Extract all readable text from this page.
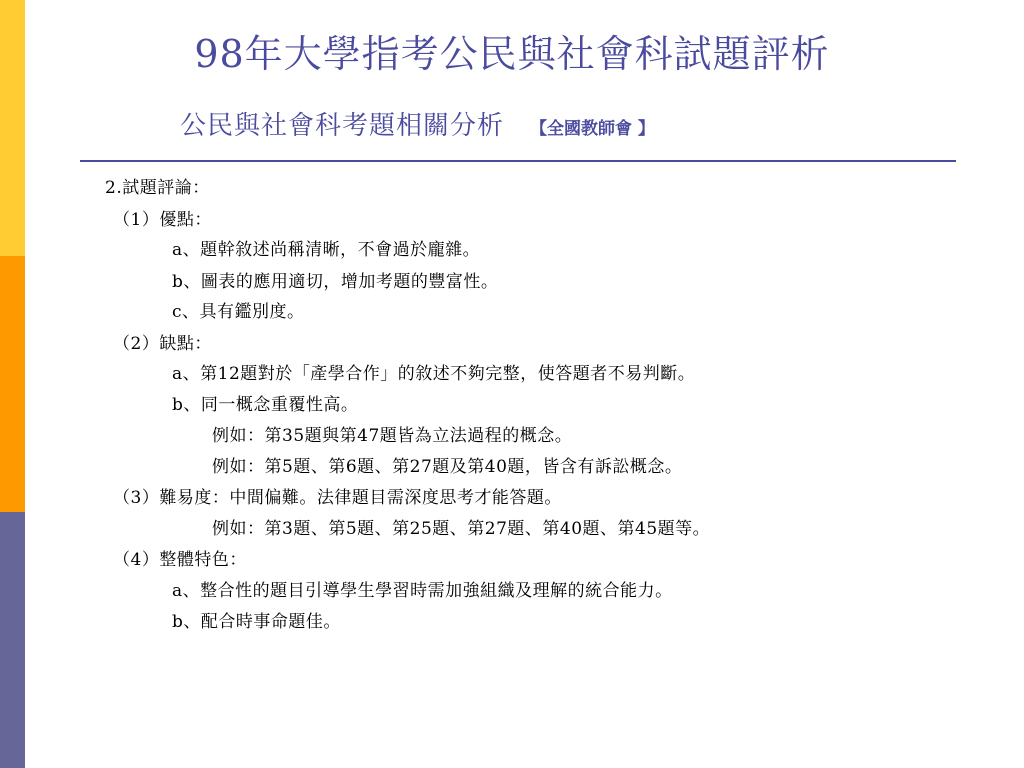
98年大學指考公民與社會科試題評析
公民與社會科考題相關分析 【全國教師會 】
2.試題評論：
（1）優點：
a、題幹敘述尚稱清晰，不會過於龐雜。
b、圖表的應用適切，增加考題的豐富性。
c、具有鑑別度。
（2）缺點：
a、第12題對於「產學合作」的敘述不夠完整，使答題者不易判斷。
b、同一概念重覆性高。
例如：第35題與第47題皆為立法過程的概念。
例如：第5題、第6題、第27題及第40題，皆含有訴訟概念。
（3）難易度：中間偏難。法律題目需深度思考才能答題。
例如：第3題、第5題、第25題、第27題、第40題、第45題等。
（4）整體特色：
a、整合性的題目引導學生學習時需加強組織及理解的統合能力。
b、配合時事命題佳。
